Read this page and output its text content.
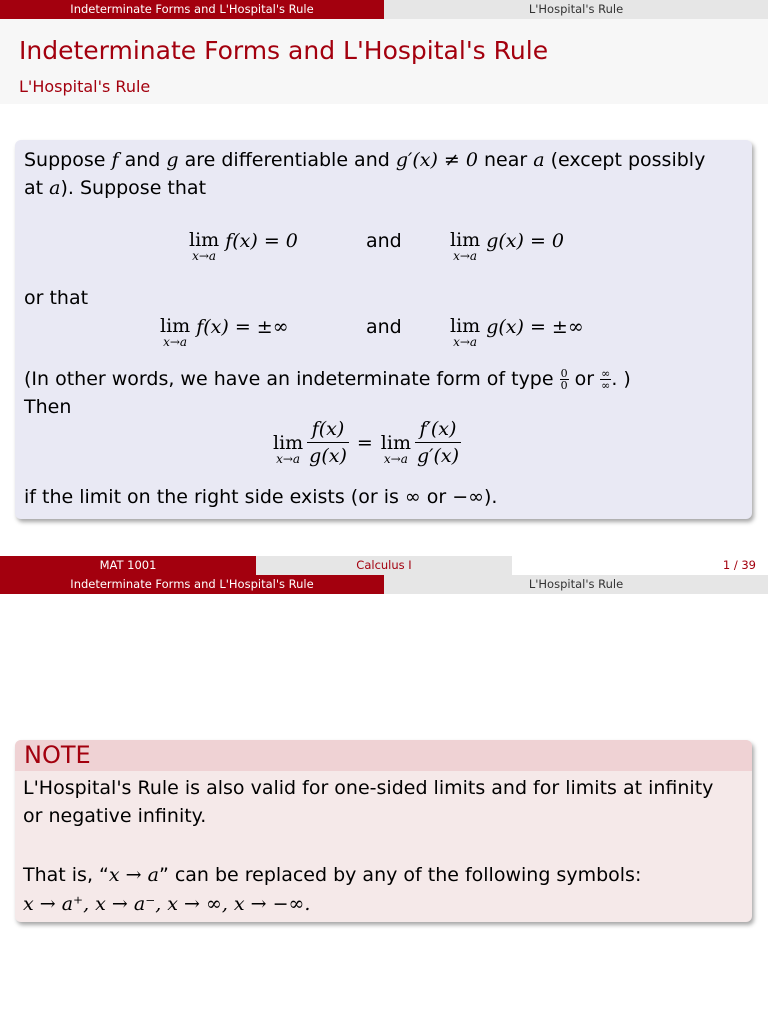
Indeterminate Forms and L'Hospital's Rule	L'Hospital's Rule
Indeterminate Forms and L'Hospital's Rule
L'Hospital's Rule
Suppose f and g are differentiable and g′(x) ≠ 0 near a (except possibly
at a). Suppose that
lim
x→a
f(x) = 0	and	lim
x→a
g(x) = 0
or that
lim
x→a
f(x) = ±∞	and	lim
x→a
g(x) = ±∞
(In other words, we have an indeterminate form of type $\frac{0}{0}$ or $\frac{\infty}{\infty}$ . )
Then
lim
$x\to a \frac{f(x)}{g(x)} = \lim$
$x\to a \frac{f'(x)}{g'(x)}$
if the limit on the right side exists (or is ∞ or −∞).
MAT 1001	Calculus I	1 / 39
Indeterminate Forms and L'Hospital's Rule	L'Hospital's Rule
NOTE
L'Hospital's Rule is also valid for one-sided limits and for limits at infinity
or negative infinity.
That is, “x → a” can be replaced by any of the following symbols:
x → a⁺, x → a⁻, x → ∞, x → −∞.
